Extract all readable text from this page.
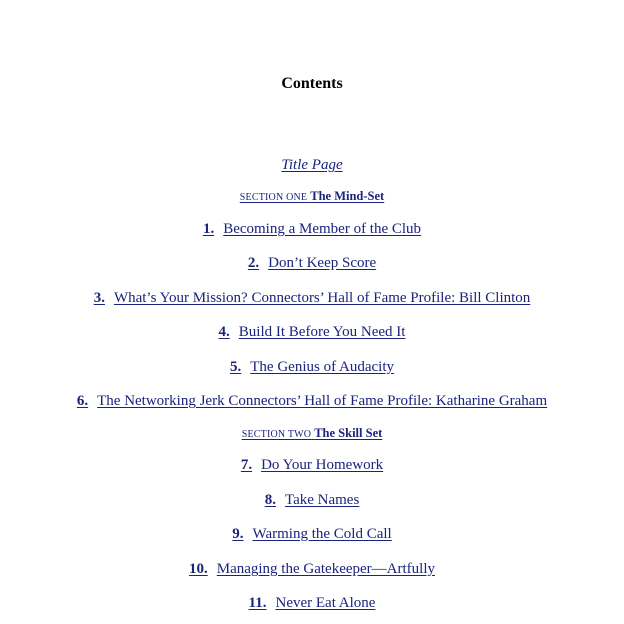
Contents
Title Page
SECTION ONE The Mind-Set
1. Becoming a Member of the Club
2. Don’t Keep Score
3. What’s Your Mission? Connectors’ Hall of Fame Profile: Bill Clinton
4. Build It Before You Need It
5. The Genius of Audacity
6. The Networking Jerk Connectors’ Hall of Fame Profile: Katharine Graham
SECTION TWO The Skill Set
7. Do Your Homework
8. Take Names
9. Warming the Cold Call
10. Managing the Gatekeeper—Artfully
11. Never Eat Alone
